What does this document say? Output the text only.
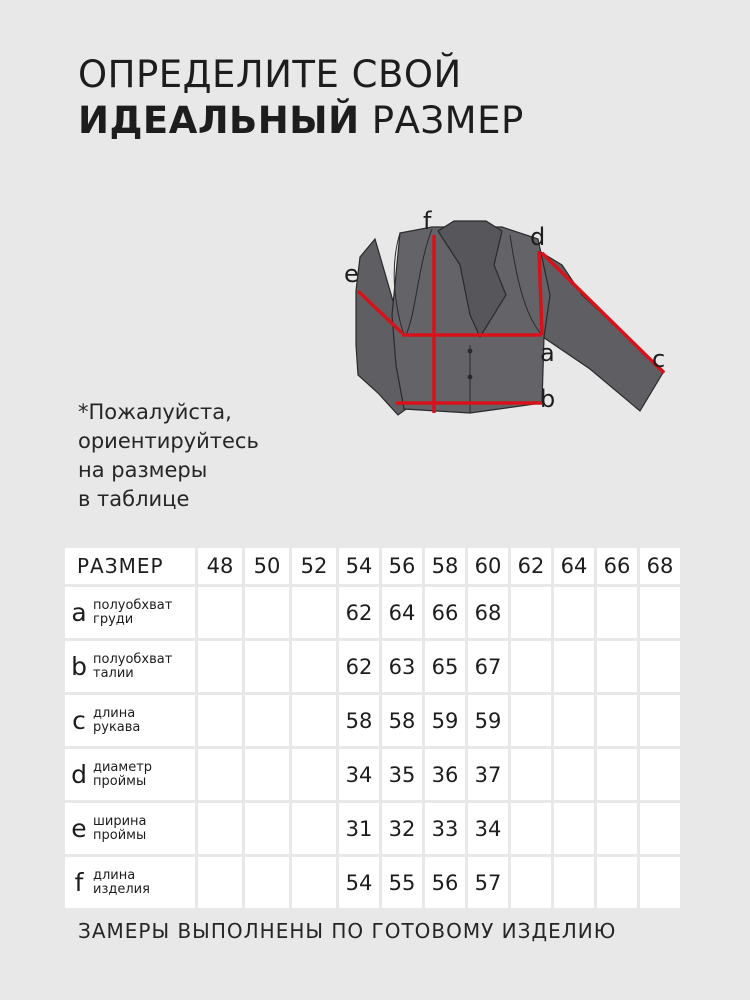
ОПРЕДЕЛИТЕ СВОЙ
ИДЕАЛЬНЫЙ РАЗМЕР
f
d
e
a	c
b
*Пожалуйста,
ориентируйтесь
на размеры
в таблице
РАЗМЕР	48	50	52	54	56	58	60	62	64	66	68

a полуобхват
груди				62	64	66	68				

b полуобхват
талии				62	63	65	67				

c длина
рукава				58	58	59	59				

d диаметр
проймы				34	35	36	37				

e ширина
проймы				31	32	33	34				

f длина
изделия				54	55	56	57				
ЗАМЕРЫ ВЫПОЛНЕНЫ ПО ГОТОВОМУ ИЗДЕЛИЮ
